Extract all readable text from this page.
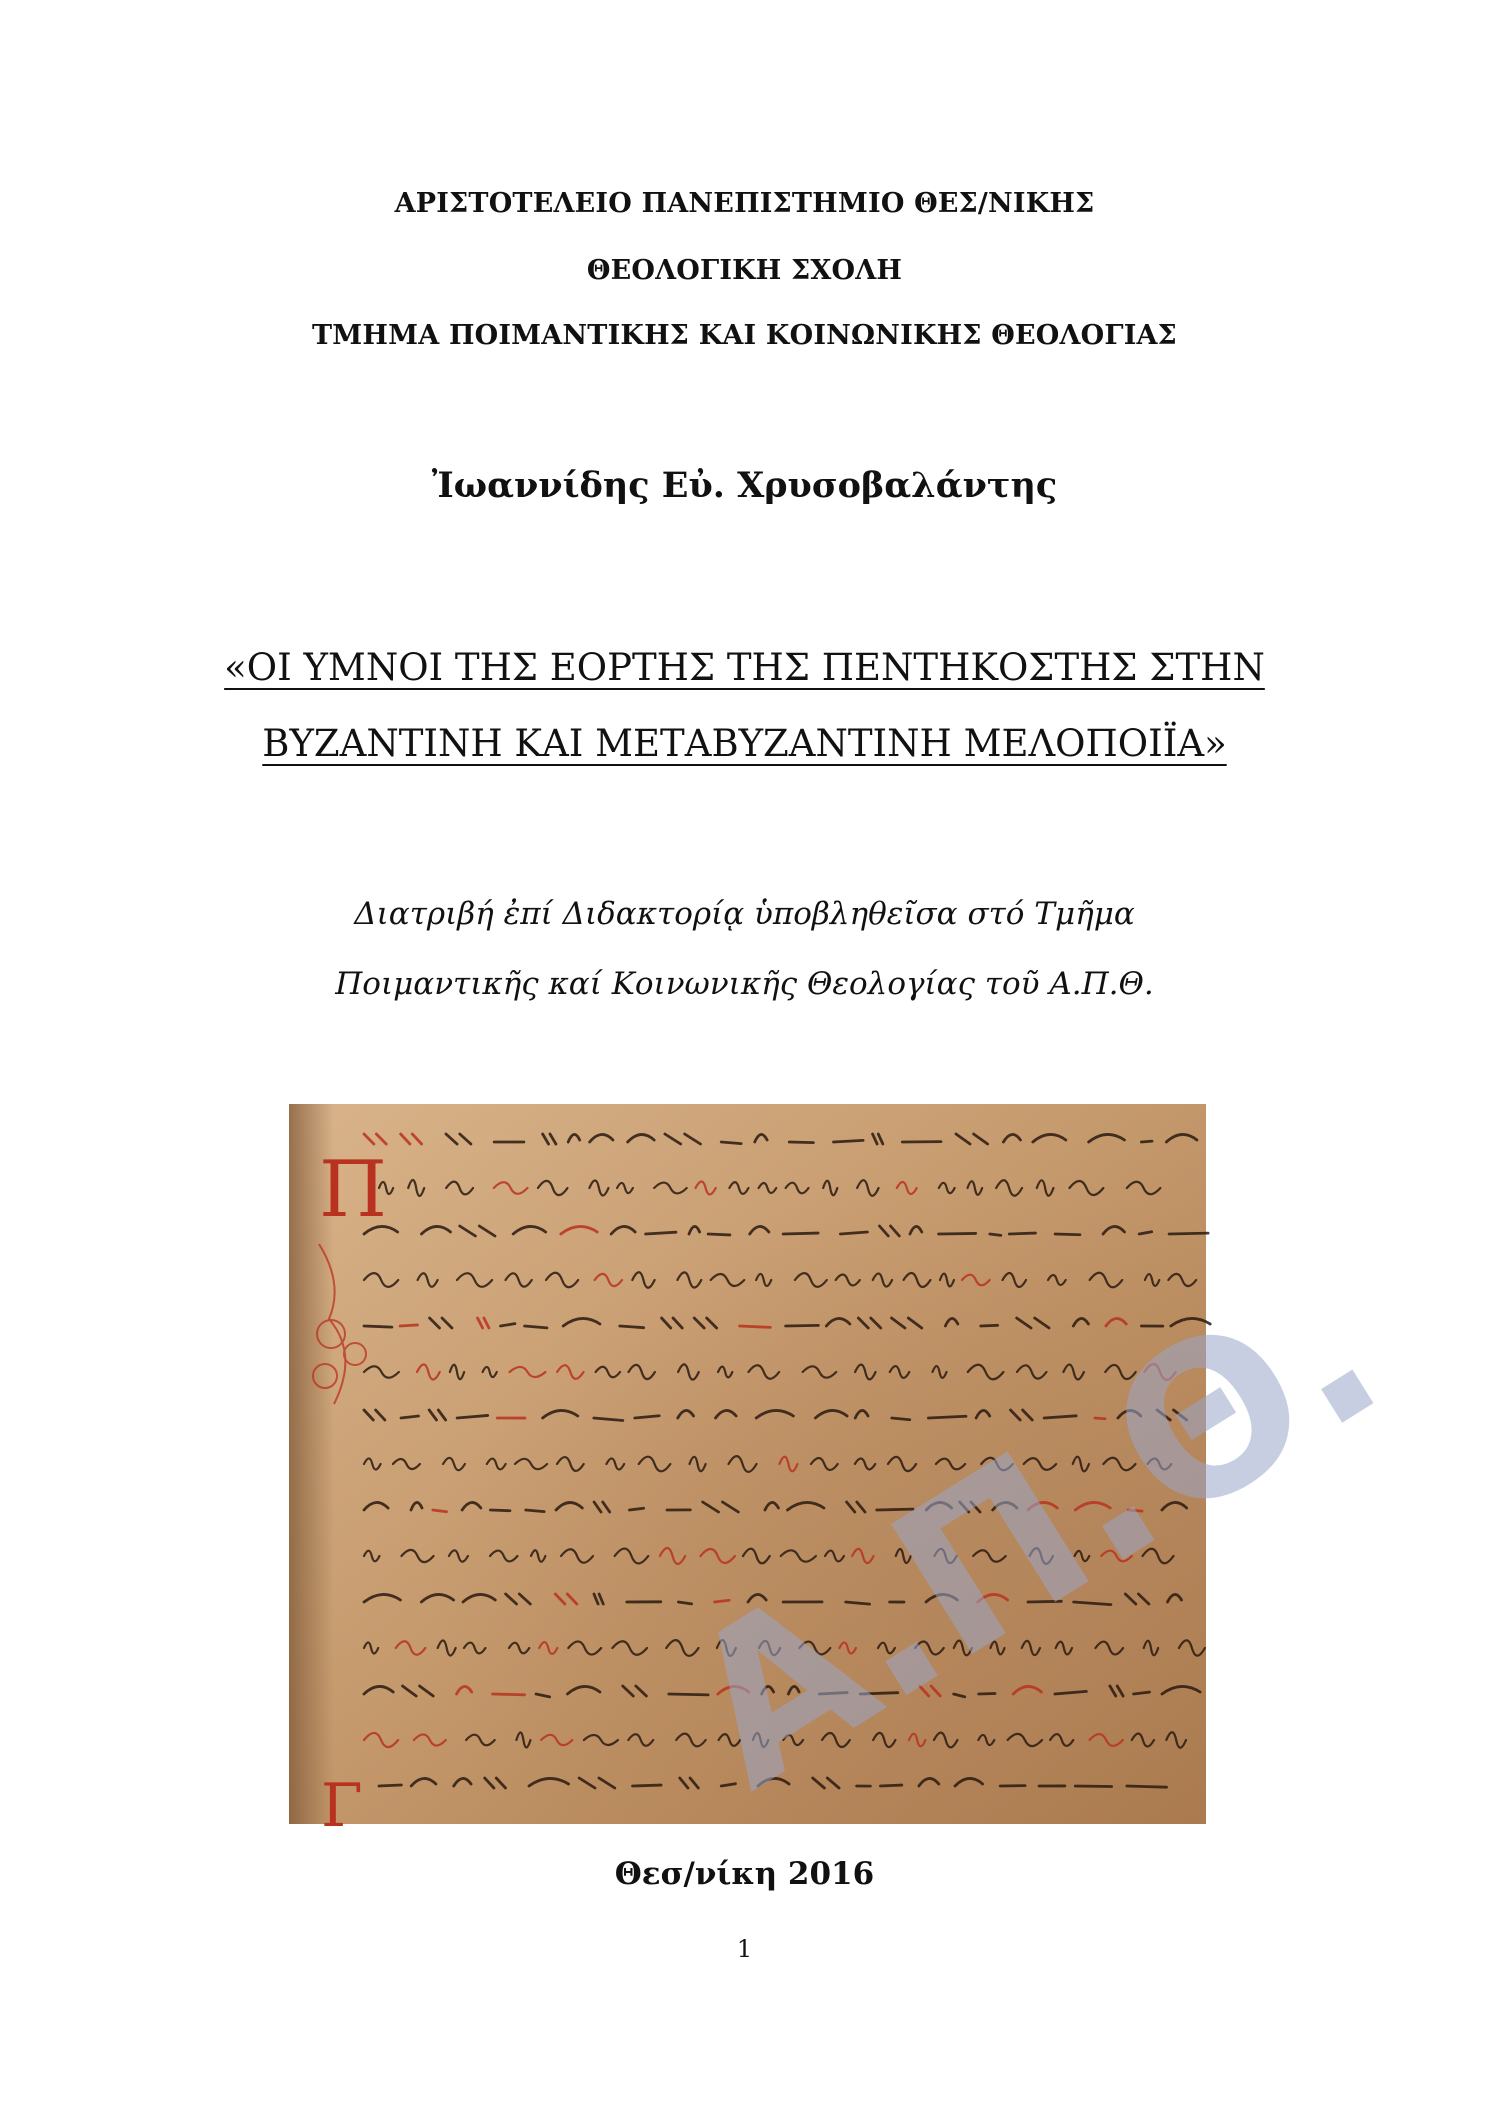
ΑΡΙΣΤΟΤΕΛΕΙΟ ΠΑΝΕΠΙΣΤΗΜΙΟ ΘΕΣ/ΝΙΚΗΣ
ΘΕΟΛΟΓΙΚΗ ΣΧΟΛΗ
ΤΜΗΜΑ ΠΟΙΜΑΝΤΙΚΗΣ ΚΑΙ ΚΟΙΝΩΝΙΚΗΣ ΘΕΟΛΟΓΙΑΣ
Ἰωαννίδης Εὐ. Χρυσοβαλάντης
«ΟΙ ΥΜΝΟΙ ΤΗΣ ΕΟΡΤΗΣ ΤΗΣ ΠΕΝΤΗΚΟΣΤΗΣ ΣΤΗΝ
ΒΥΖΑΝΤΙΝΗ ΚΑΙ ΜΕΤΑΒΥΖΑΝΤΙΝΗ ΜΕΛΟΠΟΙΪΑ»
Διατριβή ἐπί Διδακτορίᾳ ὑποβληθεῖσα στό Τμῆμα
Ποιμαντικῆς καί Κοινωνικῆς Θεολογίας τοῦ Α.Π.Θ.
Π
Γ Α.Π.Θ.
Θεσ/νίκη 2016
1
